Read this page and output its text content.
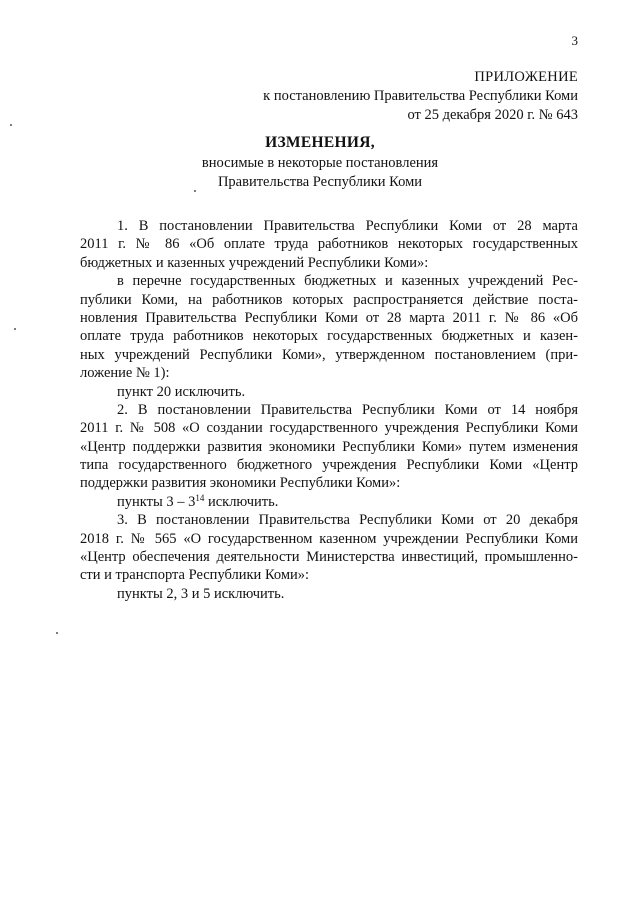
3
ПРИЛОЖЕНИЕ
к постановлению Правительства Республики Коми
от 25 декабря 2020 г. № 643
ИЗМЕНЕНИЯ,
вносимые в некоторые постановления
Правительства Республики Коми
1. В постановлении Правительства Республики Коми от 28 марта
2011 г. № 86 «Об оплате труда работников некоторых государственных
бюджетных и казенных учреждений Республики Коми»:
в перечне государственных бюджетных и казенных учреждений Рес-
публики Коми, на работников которых распространяется действие поста-
новления Правительства Республики Коми от 28 марта 2011 г. № 86 «Об
оплате труда работников некоторых государственных бюджетных и казен-
ных учреждений Республики Коми», утвержденном постановлением (при-
ложение № 1):
пункт 20 исключить.
2. В постановлении Правительства Республики Коми от 14 ноября
2011 г. № 508 «О создании государственного учреждения Республики Коми
«Центр поддержки развития экономики Республики Коми» путем изменения
типа государственного бюджетного учреждения Республики Коми «Центр
поддержки развития экономики Республики Коми»:
пункты $3 - 3^{14}$ исключить.
3. В постановлении Правительства Республики Коми от 20 декабря
2018 г. № 565 «О государственном казенном учреждении Республики Коми
«Центр обеспечения деятельности Министерства инвестиций, промышленно-
сти и транспорта Республики Коми»:
пункты 2, 3 и 5 исключить.
